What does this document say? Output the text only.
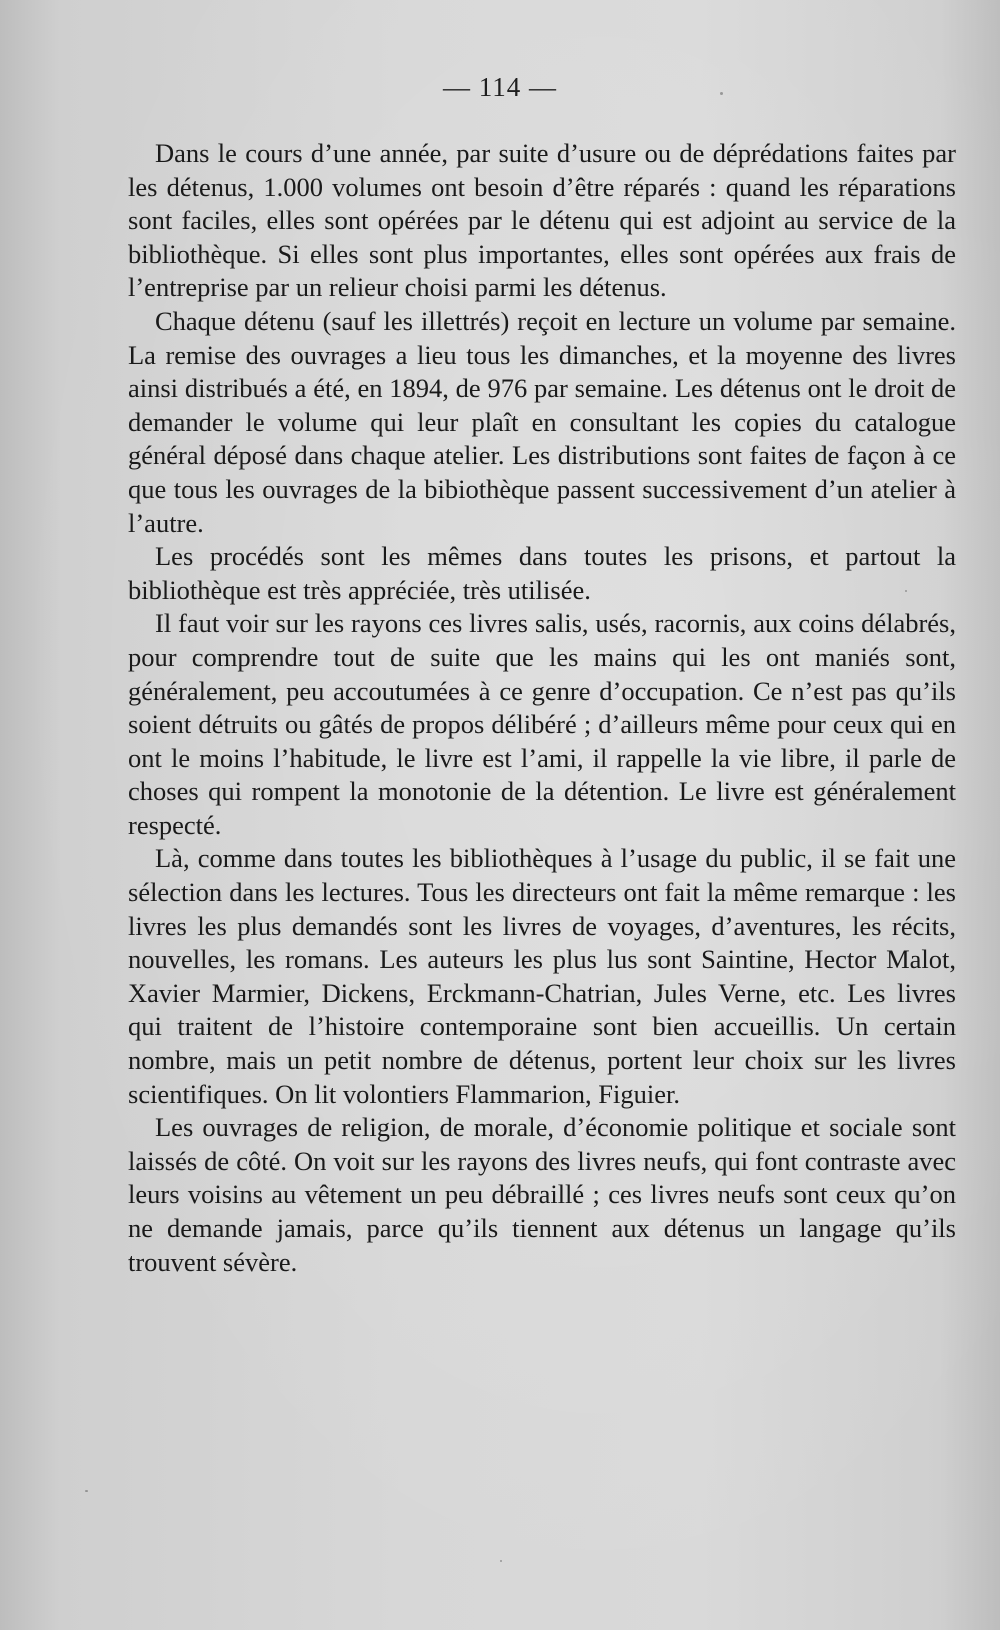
— 114 —

Dans le cours d’une année, par suite d’usure ou de déprédations faites par les détenus, 1.000 volumes ont besoin d’être réparés : quand les réparations sont faciles, elles sont opérées par le détenu qui est adjoint au service de la bibliothèque. Si elles sont plus importantes, elles sont opérées aux frais de l’entreprise par un relieur choisi parmi les détenus.

Chaque détenu (sauf les illettrés) reçoit en lecture un volume par semaine. La remise des ouvrages a lieu tous les dimanches, et la moyenne des livres ainsi distribués a été, en 1894, de 976 par semaine. Les détenus ont le droit de demander le volume qui leur plaît en consultant les copies du catalogue général déposé dans chaque atelier. Les distributions sont faites de façon à ce que tous les ouvrages de la bibiothèque passent successivement d’un atelier à l’autre.

Les procédés sont les mêmes dans toutes les prisons, et partout la bibliothèque est très appréciée, très utilisée.

Il faut voir sur les rayons ces livres salis, usés, racornis, aux coins délabrés, pour comprendre tout de suite que les mains qui les ont maniés sont, généralement, peu accoutumées à ce genre d’occupation. Ce n’est pas qu’ils soient détruits ou gâtés de propos délibéré ; d’ailleurs même pour ceux qui en ont le moins l’habitude, le livre est l’ami, il rappelle la vie libre, il parle de choses qui rompent la monotonie de la détention. Le livre est généralement respecté.

Là, comme dans toutes les bibliothèques à l’usage du public, il se fait une sélection dans les lectures. Tous les directeurs ont fait la même remarque : les livres les plus demandés sont les livres de voyages, d’aventures, les récits, nouvelles, les romans. Les auteurs les plus lus sont Saintine, Hector Malot, Xavier Marmier, Dickens, Erckmann-Chatrian, Jules Verne, etc. Les livres qui traitent de l’histoire contemporaine sont bien accueillis. Un certain nombre, mais un petit nombre de détenus, portent leur choix sur les livres scientifiques. On lit volontiers Flammarion, Figuier.

Les ouvrages de religion, de morale, d’économie politique et sociale sont laissés de côté. On voit sur les rayons des livres neufs, qui font contraste avec leurs voisins au vêtement un peu débraillé ; ces livres neufs sont ceux qu’on ne demande jamais, parce qu’ils tiennent aux détenus un langage qu’ils trouvent sévère.
